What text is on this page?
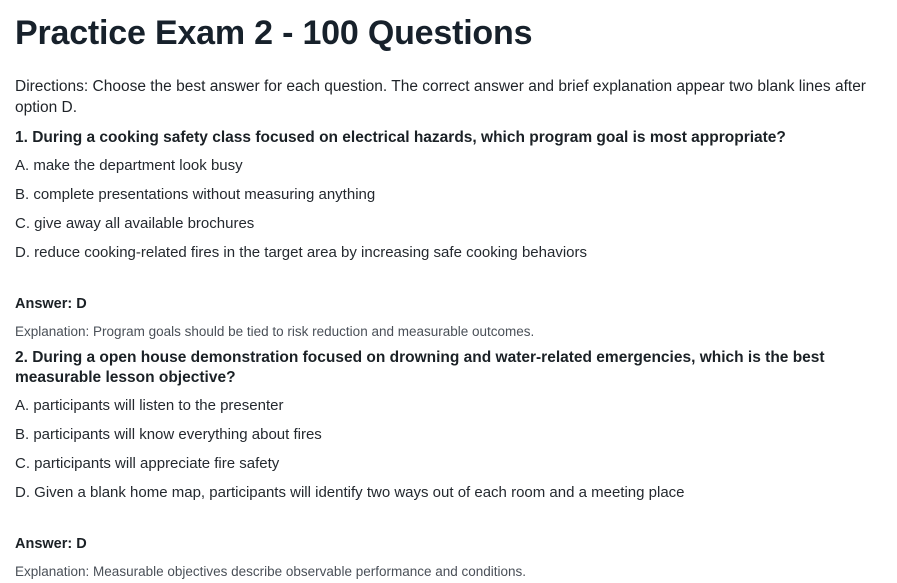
Practice Exam 2 - 100 Questions

Directions: Choose the best answer for each question. The correct answer and brief explanation appear two blank lines after option D.

1. During a cooking safety class focused on electrical hazards, which program goal is most appropriate?

A. make the department look busy

B. complete presentations without measuring anything

C. give away all available brochures

D. reduce cooking-related fires in the target area by increasing safe cooking behaviors

Answer: D

Explanation: Program goals should be tied to risk reduction and measurable outcomes.

2. During a open house demonstration focused on drowning and water-related emergencies, which is the best measurable lesson objective?

A. participants will listen to the presenter

B. participants will know everything about fires

C. participants will appreciate fire safety

D. Given a blank home map, participants will identify two ways out of each room and a meeting place

Answer: D

Explanation: Measurable objectives describe observable performance and conditions.
